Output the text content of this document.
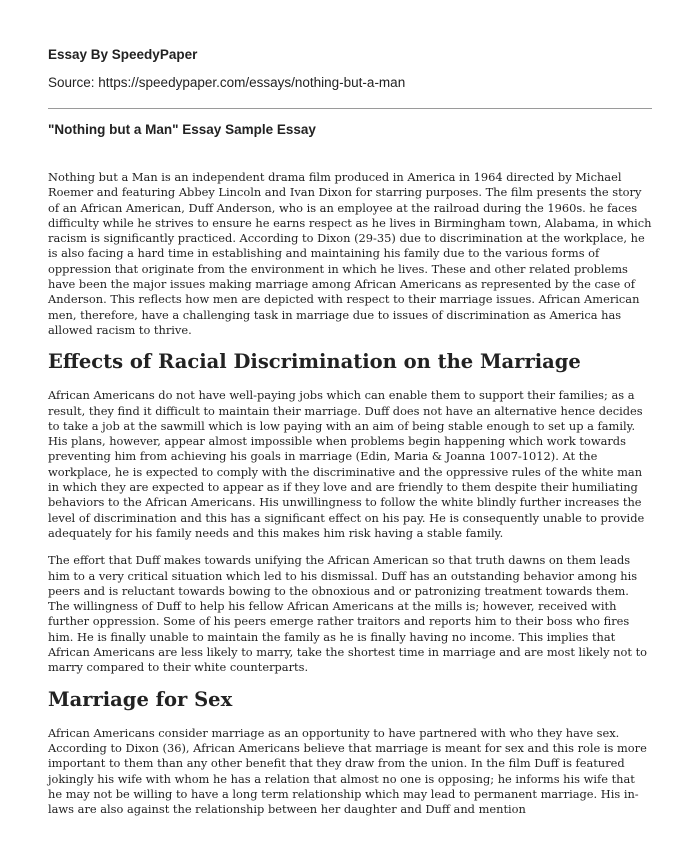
Essay By SpeedyPaper

Source: https://speedypaper.com/essays/nothing-but-a-man

"Nothing but a Man" Essay Sample Essay

Nothing but a Man is an independent drama film produced in America in 1964 directed by Michael Roemer and featuring Abbey Lincoln and Ivan Dixon for starring purposes. The film presents the story of an African American, Duff Anderson, who is an employee at the railroad during the 1960s. he faces difficulty while he strives to ensure he earns respect as he lives in Birmingham town, Alabama, in which racism is significantly practiced. According to Dixon (29-35) due to discrimination at the workplace, he is also facing a hard time in establishing and maintaining his family due to the various forms of oppression that originate from the environment in which he lives. These and other related problems have been the major issues making marriage among African Americans as represented by the case of Anderson. This reflects how men are depicted with respect to their marriage issues. African American men, therefore, have a challenging task in marriage due to issues of discrimination as America has allowed racism to thrive.

Effects of Racial Discrimination on the Marriage

African Americans do not have well-paying jobs which can enable them to support their families; as a result, they find it difficult to maintain their marriage. Duff does not have an alternative hence decides to take a job at the sawmill which is low paying with an aim of being stable enough to set up a family. His plans, however, appear almost impossible when problems begin happening which work towards preventing him from achieving his goals in marriage (Edin, Maria & Joanna 1007-1012). At the workplace, he is expected to comply with the discriminative and the oppressive rules of the white man in which they are expected to appear as if they love and are friendly to them despite their humiliating behaviors to the African Americans. His unwillingness to follow the white blindly further increases the level of discrimination and this has a significant effect on his pay. He is consequently unable to provide adequately for his family needs and this makes him risk having a stable family.

The effort that Duff makes towards unifying the African American so that truth dawns on them leads him to a very critical situation which led to his dismissal. Duff has an outstanding behavior among his peers and is reluctant towards bowing to the obnoxious and or patronizing treatment towards them. The willingness of Duff to help his fellow African Americans at the mills is; however, received with further oppression. Some of his peers emerge rather traitors and reports him to their boss who fires him. He is finally unable to maintain the family as he is finally having no income. This implies that African Americans are less likely to marry, take the shortest time in marriage and are most likely not to marry compared to their white counterparts.

Marriage for Sex

African Americans consider marriage as an opportunity to have partnered with who they have sex. According to Dixon (36), African Americans believe that marriage is meant for sex and this role is more important to them than any other benefit that they draw from the union. In the film Duff is featured jokingly his wife with whom he has a relation that almost no one is opposing; he informs his wife that he may not be willing to have a long term relationship which may lead to permanent marriage. His in-laws are also against the relationship between her daughter and Duff and mention
